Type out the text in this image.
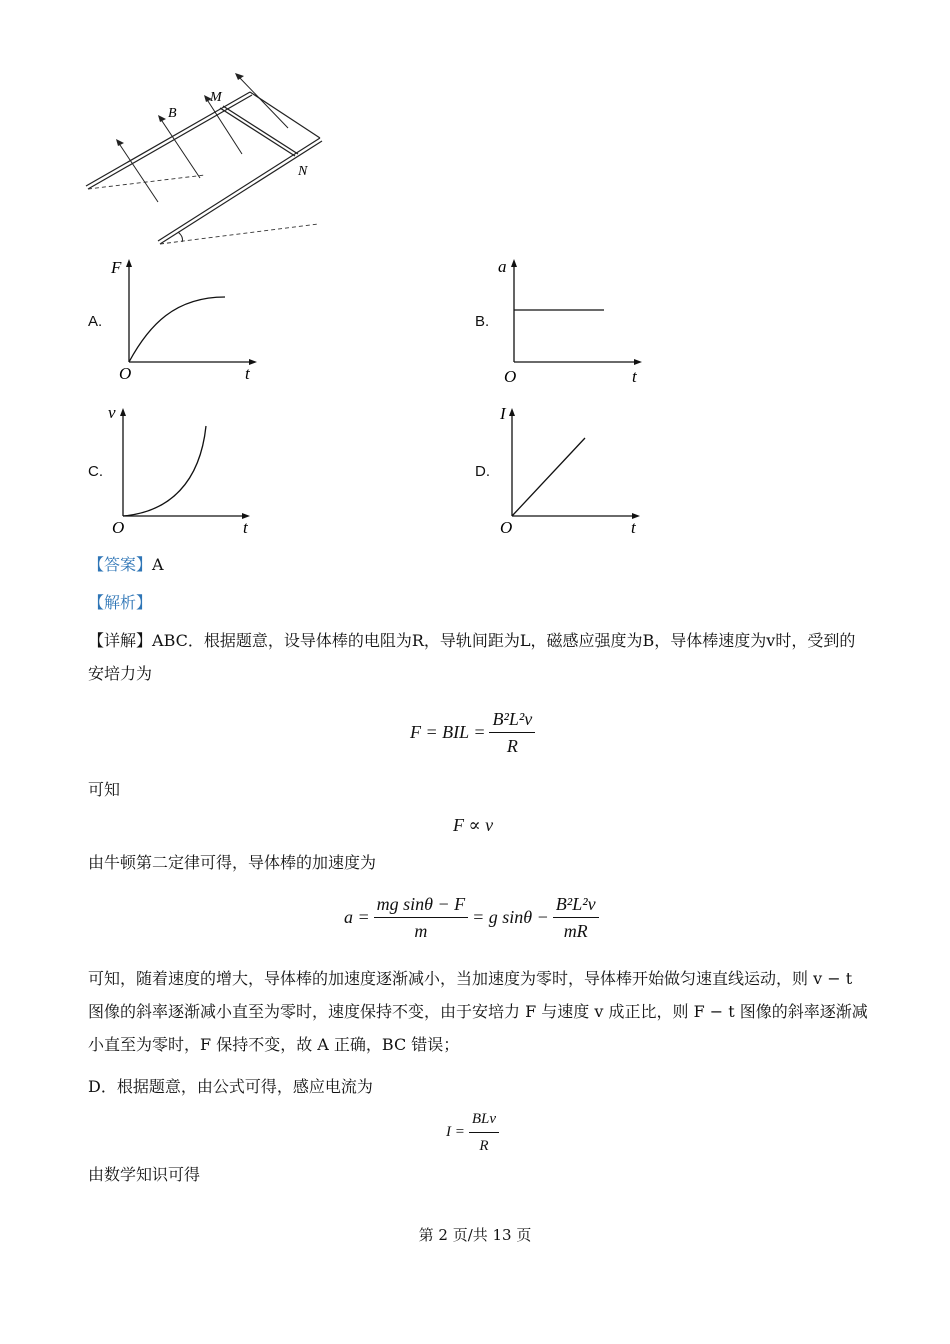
B
M
N
A.
F
O	t
B.
a
O	t
C.
v
O	t
D.
I
O	t
【答案】A
【解析】
【详解】ABC．根据题意，设导体棒的电阻为R，导轨间距为L，磁感应强度为B，导体棒速度为v时，受到的安培力为
F = BIL = $\frac{\text{B²L²v}}{R}$
可知
F ∝ v
由牛顿第二定律可得，导体棒的加速度为
$a = \frac{\text{mg sinθ − F}}{m} = g$ $\sin\theta - \frac{\text{B²L²v}}{mR}$
可知，随着速度的增大，导体棒的加速度逐渐减小，当加速度为零时，导体棒开始做匀速直线运动，则 v − t 图像的斜率逐渐减小直至为零时，速度保持不变，由于安培力 F 与速度 v 成正比，则 F − t 图像的斜率逐渐减小直至为零时，F 保持不变，故 A 正确，BC 错误；
D．根据题意，由公式可得，感应电流为
$I = \frac{\text{BLv}}{R}$
由数学知识可得
第 2 页/共 13 页
